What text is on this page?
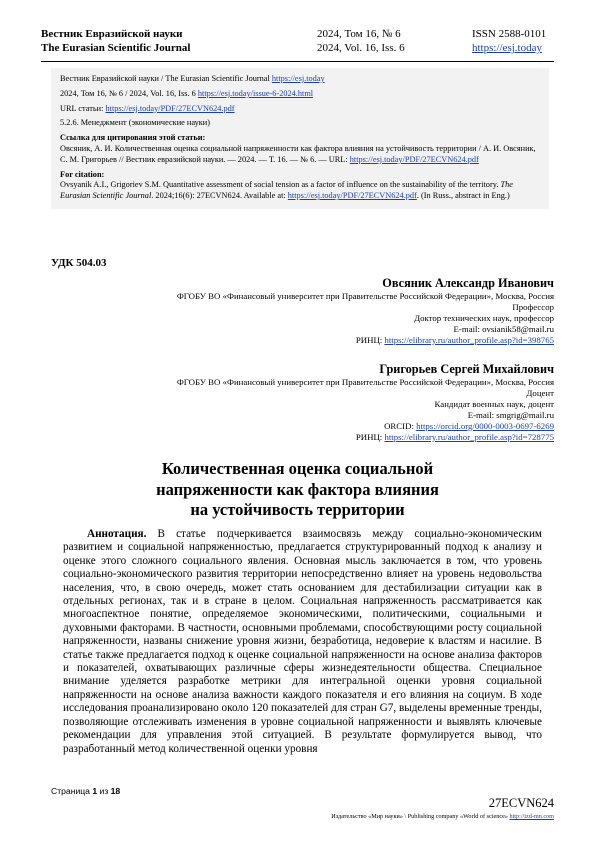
Вестник Евразийской науки
The Eurasian Scientific Journal
2024, Том 16, № 6
2024, Vol. 16, Iss. 6
ISSN 2588-0101
https://esj.today

Вестник Евразийской науки / The Eurasian Scientific Journal https://esj.today

2024, Том 16, № 6 / 2024, Vol. 16, Iss. 6 https://esj.today/issue-6-2024.html

URL статьи: https://esj.today/PDF/27ECVN624.pdf

5.2.6. Менеджмент (экономические науки)

Ссылка для цитирования этой статьи:

Овсяник, А. И. Количественная оценка социальной напряженности как фактора влияния на устойчивость территории / А. И. Овсяник, С. М. Григорьев // Вестник евразийской науки. — 2024. — Т. 16. — № 6. — URL: https://esj.today/PDF/27ECVN624.pdf

For citation:

Ovsyanik A.I., Grigoriev S.M. Quantitative assessment of social tension as a factor of influence on the sustainability of the territory. The Eurasian Scientific Journal. 2024;16(6): 27ECVN624. Available at: https://esj.today/PDF/27ECVN624.pdf. (In Russ., abstract in Eng.)

УДК 504.03
Овсяник Александр Иванович
ФГОБУ ВО «Финансовый университет при Правительстве Российской Федерации», Москва, Россия
Профессор
Доктор технических наук, профессор
E-mail: ovsianik58@mail.ru
РИНЦ: https://elibrary.ru/author_profile.asp?id=398765
Григорьев Сергей Михайлович
ФГОБУ ВО «Финансовый университет при Правительстве Российской Федерации», Москва, Россия
Доцент
Кандидат военных наук, доцент
E-mail: smgrig@mail.ru
ORCID: https://orcid.org/0000-0003-0697-6269
РИНЦ: https://elibrary.ru/author_profile.asp?id=728775
Количественная оценка социальной
напряженности как фактора влияния
на устойчивость территории

Аннотация. В статье подчеркивается взаимосвязь между социально-экономическим развитием и социальной напряженностью, предлагается структурированный подход к анализу и оценке этого сложного социального явления. Основная мысль заключается в том, что уровень социально-экономического развития территории непосредственно влияет на уровень недовольства населения, что, в свою очередь, может стать основанием для дестабилизации ситуации как в отдельных регионах, так и в стране в целом. Социальная напряженность рассматривается как многоаспектное понятие, определяемое экономическими, политическими, социальными и духовными факторами. В частности, основными проблемами, способствующими росту социальной напряженности, названы снижение уровня жизни, безработица, недоверие к властям и насилие. В статье также предлагается подход к оценке социальной напряженности на основе анализа факторов и показателей, охватывающих различные сферы жизнедеятельности общества. Специальное внимание уделяется разработке метрики для интегральной оценки уровня социальной напряженности на основе анализа важности каждого показателя и его влияния на социум. В ходе исследования проанализировано около 120 показателей для стран G7, выделены временные тренды, позволяющие отслеживать изменения в уровне социальной напряженности и выявлять ключевые рекомендации для управления этой ситуацией. В результате формулируется вывод, что разработанный метод количественной оценки уровня

Страница 1 из 18
27ECVN624
Издательство «Мир науки» \ Publishing company «World of science» http://izd-mn.com
